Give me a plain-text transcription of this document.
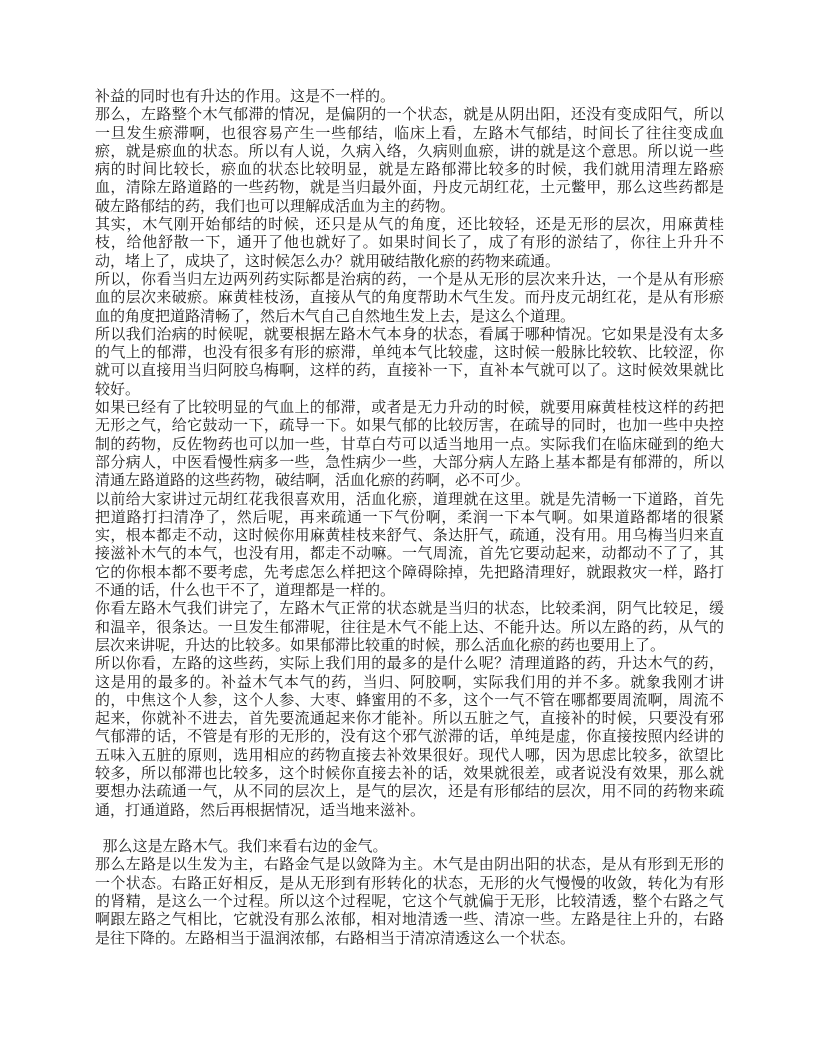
补益的同时也有升达的作用。这是不一样的。

那么，左路整个木气郁滞的情况，是偏阴的一个状态，就是从阴出阳，还没有变成阳气，所以一旦发生瘀滞啊，也很容易产生一些郁结，临床上看，左路木气郁结，时间长了往往变成血瘀，就是瘀血的状态。所以有人说，久病入络，久病则血瘀，讲的就是这个意思。所以说一些病的时间比较长，瘀血的状态比较明显，就是左路郁滞比较多的时候，我们就用清理左路瘀血，清除左路道路的一些药物，就是当归最外面，丹皮元胡红花，土元鳖甲，那么这些药都是破左路郁结的药，我们也可以理解成活血为主的药物。

其实，木气刚开始郁结的时候，还只是从气的角度，还比较轻，还是无形的层次，用麻黄桂枝，给他舒散一下，通开了他也就好了。如果时间长了，成了有形的淤结了，你往上升升不动，堵上了，成块了，这时候怎么办？就用破结散化瘀的药物来疏通。

所以，你看当归左边两列药实际都是治病的药，一个是从无形的层次来升达，一个是从有形瘀血的层次来破瘀。麻黄桂枝汤，直接从气的角度帮助木气生发。而丹皮元胡红花，是从有形瘀血的角度把道路清畅了，然后木气自己自然地生发上去，是这么个道理。

所以我们治病的时候呢，就要根据左路木气本身的状态，看属于哪种情况。它如果是没有太多的气上的郁滞，也没有很多有形的瘀滞，单纯本气比较虚，这时候一般脉比较软、比较涩，你就可以直接用当归阿胶乌梅啊，这样的药，直接补一下，直补本气就可以了。这时候效果就比较好。

如果已经有了比较明显的气血上的郁滞，或者是无力升动的时候，就要用麻黄桂枝这样的药把无形之气，给它鼓动一下，疏导一下。如果气郁的比较厉害，在疏导的同时，也加一些中央控制的药物，反佐物药也可以加一些，甘草白芍可以适当地用一点。实际我们在临床碰到的绝大部分病人，中医看慢性病多一些，急性病少一些，大部分病人左路上基本都是有郁滞的，所以清通左路道路的这些药物，破结啊，活血化瘀的药啊，必不可少。

以前给大家讲过元胡红花我很喜欢用，活血化瘀，道理就在这里。就是先清畅一下道路，首先把道路打扫清净了，然后呢，再来疏通一下气份啊，柔润一下本气啊。如果道路都堵的很紧实，根本都走不动，这时候你用麻黄桂枝来舒气、条达肝气，疏通，没有用。用乌梅当归来直接滋补木气的本气，也没有用，都走不动嘛。一气周流，首先它要动起来，动都动不了了，其它的你根本都不要考虑，先考虑怎么样把这个障碍除掉，先把路清理好，就跟救灾一样，路打不通的话，什么也干不了，道理都是一样的。

你看左路木气我们讲完了，左路木气正常的状态就是当归的状态，比较柔润，阴气比较足，缓和温辛，很条达。一旦发生郁滞呢，往往是木气不能上达、不能升达。所以左路的药，从气的层次来讲呢，升达的比较多。如果郁滞比较重的时候，那么活血化瘀的药也要用上了。

所以你看，左路的这些药，实际上我们用的最多的是什么呢？清理道路的药，升达木气的药，这是用的最多的。补益木气本气的药，当归、阿胶啊，实际我们用的并不多。就象我刚才讲的，中焦这个人参，这个人参、大枣、蜂蜜用的不多，这个一气不管在哪都要周流啊，周流不起来，你就补不进去，首先要流通起来你才能补。所以五脏之气，直接补的时候，只要没有邪气郁滞的话，不管是有形的无形的，没有这个邪气淤滞的话，单纯是虚，你直接按照内经讲的五味入五脏的原则，选用相应的药物直接去补效果很好。现代人哪，因为思虑比较多，欲望比较多，所以郁滞也比较多，这个时候你直接去补的话，效果就很差，或者说没有效果，那么就要想办法疏通一气，从不同的层次上，是气的层次，还是有形郁结的层次，用不同的药物来疏通，打通道路，然后再根据情况，适当地来滋补。

那么这是左路木气。我们来看右边的金气。

那么左路是以生发为主，右路金气是以敛降为主。木气是由阴出阳的状态，是从有形到无形的一个状态。右路正好相反，是从无形到有形转化的状态，无形的火气慢慢的收敛，转化为有形的肾精，是这么一个过程。所以这个过程呢，它这个气就偏于无形，比较清透，整个右路之气啊跟左路之气相比，它就没有那么浓郁，相对地清透一些、清凉一些。左路是往上升的，右路是往下降的。左路相当于温润浓郁，右路相当于清凉清透这么一个状态。
